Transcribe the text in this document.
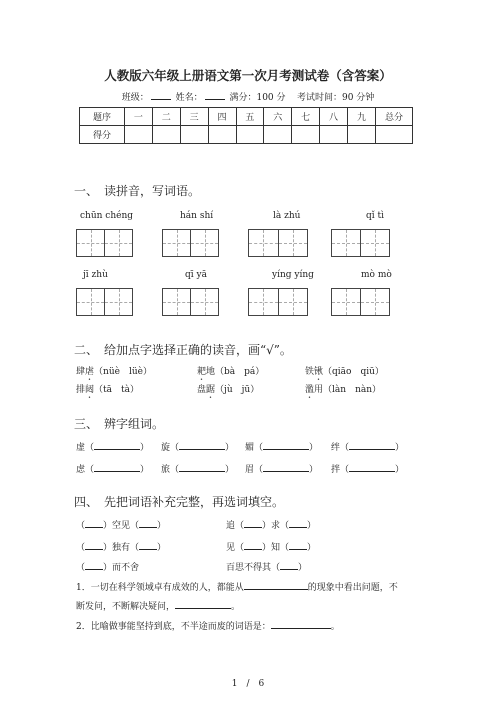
人教版六年级上册语文第一次月考测试卷（含答案）
班级：	姓名：	满分：100 分 考试时间：90 分钟
题序	一	二	三	四	五	六	七	八	九	总分
得分										
一、　读拼音，写词语。
chūn chéng	hán shí	là zhú	qǐ tì
jī zhù	qī yā	yíng yíng	mò mò
二、　给加点字选择正确的读音，画“√”。
肆虐（nüè　lüè）	耙地（bà　pá）	铁锹（qiāo　qiū）
排闼（tā　tà）	盘踞（jù　jū）	濫用（làn　nàn）
三、　辨字组词。
虚（	） 旋（	） 媚（	） 绊（	）
虑（	） 旅（	） 眉（	） 拌（	）
四、　先把词语补充完整，再选词填空。
（ ）空见（ ）	追（ ）求（ ）
（ ）独有（ ）	见（ ）知（ ）
（ ）而不舍	百思不得其（ ）
1．一切在科学领域卓有成效的人，都能从	的现象中看出问题，不
断发问，不断解决疑问，	。
2．比喻做事能坚持到底，不半途而废的词语是：	。
1　/　6
